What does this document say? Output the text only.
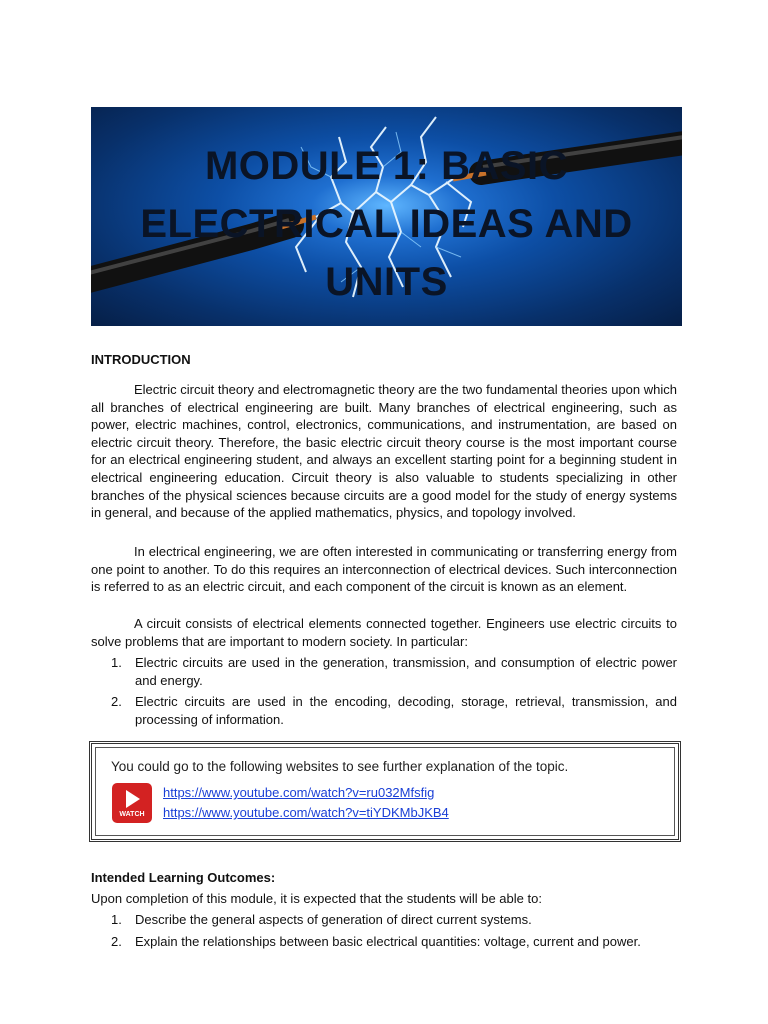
MODULE 1: BASIC
ELECTRICAL IDEAS AND
UNITS
INTRODUCTION

Electric circuit theory and electromagnetic theory are the two fundamental theories upon which all branches of electrical engineering are built. Many branches of electrical engineering, such as power, electric machines, control, electronics, communications, and instrumentation, are based on electric circuit theory. Therefore, the basic electric circuit theory course is the most important course for an electrical engineering student, and always an excellent starting point for a beginning student in electrical engineering education. Circuit theory is also valuable to students specializing in other branches of the physical sciences because circuits are a good model for the study of energy systems in general, and because of the applied mathematics, physics, and topology involved.

In electrical engineering, we are often interested in communicating or transferring energy from one point to another. To do this requires an interconnection of electrical devices. Such interconnection is referred to as an electric circuit, and each component of the circuit is known as an element.

A circuit consists of electrical elements connected together. Engineers use electric circuits to solve problems that are important to modern society. In particular:

1. Electric circuits are used in the generation, transmission, and consumption of electric power and energy.
2. Electric circuits are used in the encoding, decoding, storage, retrieval, transmission, and processing of information.
You could go to the following websites to see further explanation of the topic.
WATCH
https://www.youtube.com/watch?v=ru032Mfsfig
https://www.youtube.com/watch?v=tiYDKMbJKB4
Intended Learning Outcomes:

Upon completion of this module, it is expected that the students will be able to:

1. Describe the general aspects of generation of direct current systems.
2. Explain the relationships between basic electrical quantities: voltage, current and power.
